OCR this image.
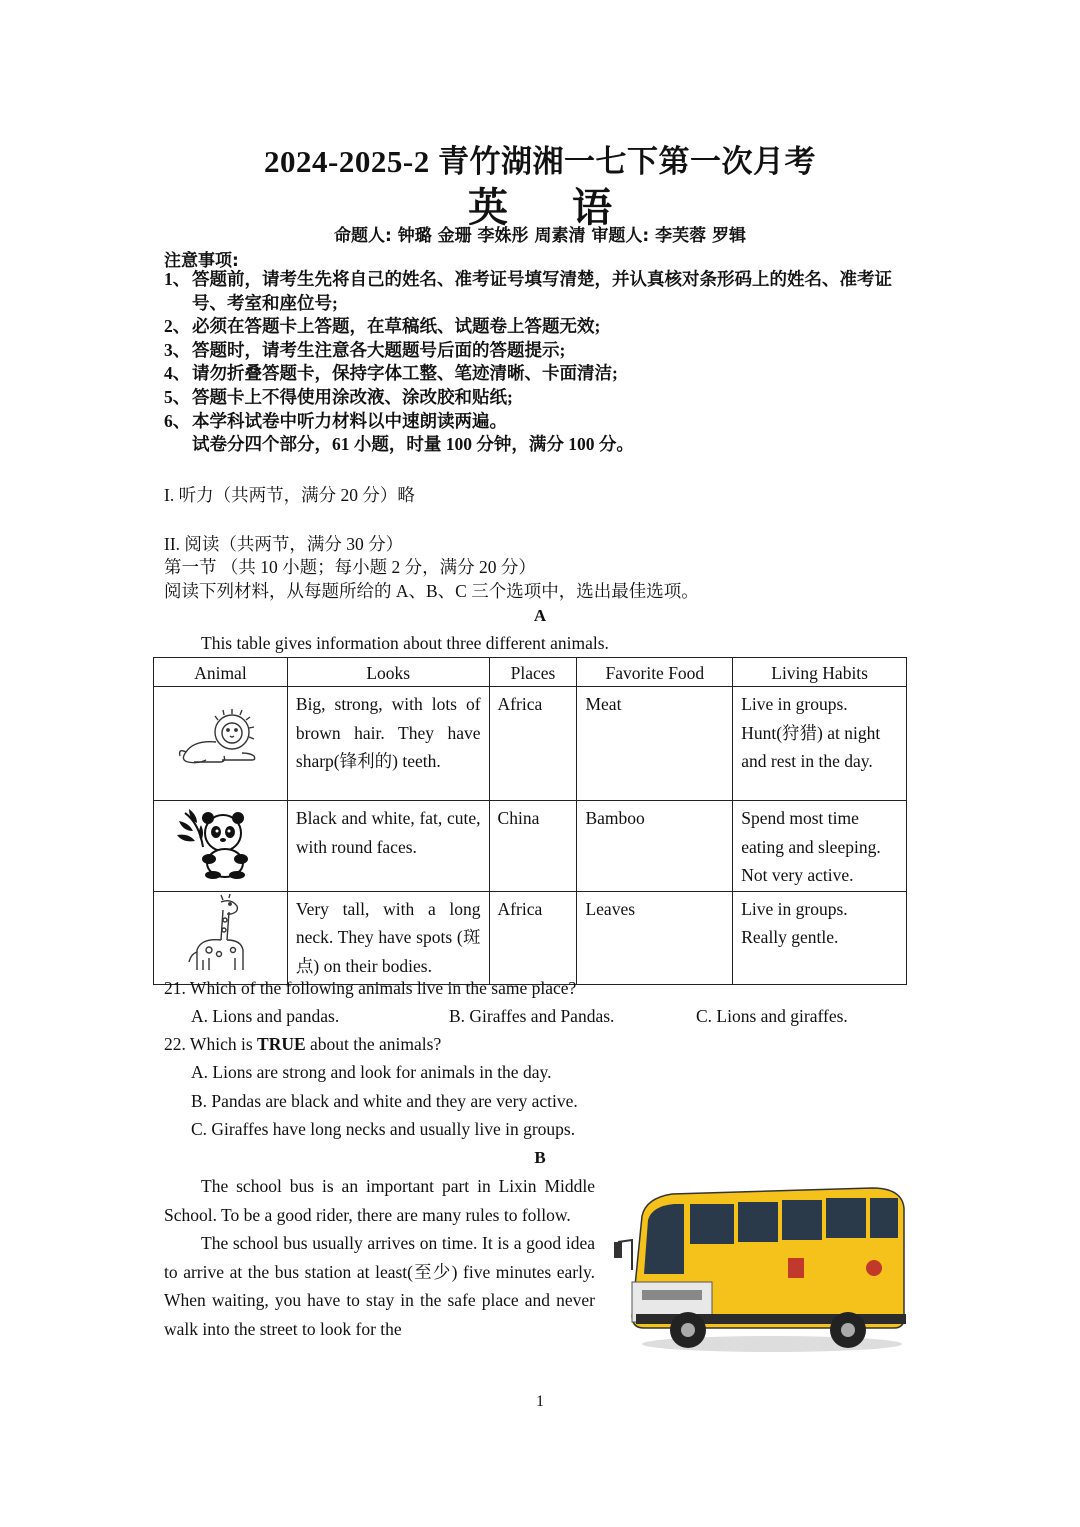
2024-2025-2 青竹湖湘一七下第一次月考
英 语
命题人: 钟璐 金珊 李姝彤 周素清 审题人: 李芙蓉 罗辑
注意事项:
1、 答题前，请考生先将自己的姓名、准考证号填写清楚，并认真核对条形码上的姓名、准考证号、考室和座位号;
2、 必须在答题卡上答题，在草稿纸、试题卷上答题无效;
3、 答题时，请考生注意各大题题号后面的答题提示;
4、 请勿折叠答题卡，保持字体工整、笔迹清晰、卡面清洁;
5、 答题卡上不得使用涂改液、涂改胶和贴纸;
6、 本学科试卷中听力材料以中速朗读两遍。
试卷分四个部分，61 小题，时量 100 分钟，满分 100 分。
I. 听力（共两节，满分 20 分）略
II. 阅读（共两节，满分 30 分）
第一节 （共 10 小题；每小题 2 分，满分 20 分）
阅读下列材料，从每题所给的 A、B、C 三个选项中，选出最佳选项。
A
This table gives information about three different animals.
Animal	Looks	Places	Favorite Food	Living Habits
	Big, strong, with lots of brown hair. They have sharp(锋利的) teeth.	Africa	Meat	Live in groups.
Hunt(狩猎) at night and rest in the day.

	Black and white, fat, cute, with round faces.	China	Bamboo	Spend most time eating and sleeping.
Not very active.

	Very tall, with a long neck. They have spots (斑点) on their bodies.	Africa	Leaves	Live in groups.
Really gentle.
21. Which of the following animals live in the same place?
A. Lions and pandas.	B. Giraffes and Pandas.	C. Lions and giraffes.
22. Which is TRUE about the animals?
A. Lions are strong and look for animals in the day.
B. Pandas are black and white and they are very active.
C. Giraffes have long necks and usually live in groups.
B

The school bus is an important part in Lixin Middle School. To be a good rider, there are many rules to follow.

The school bus usually arrives on time. It is a good idea to arrive at the bus station at least(至少) five minutes early. When waiting, you have to stay in the safe place and never walk into the street to look for the

1
